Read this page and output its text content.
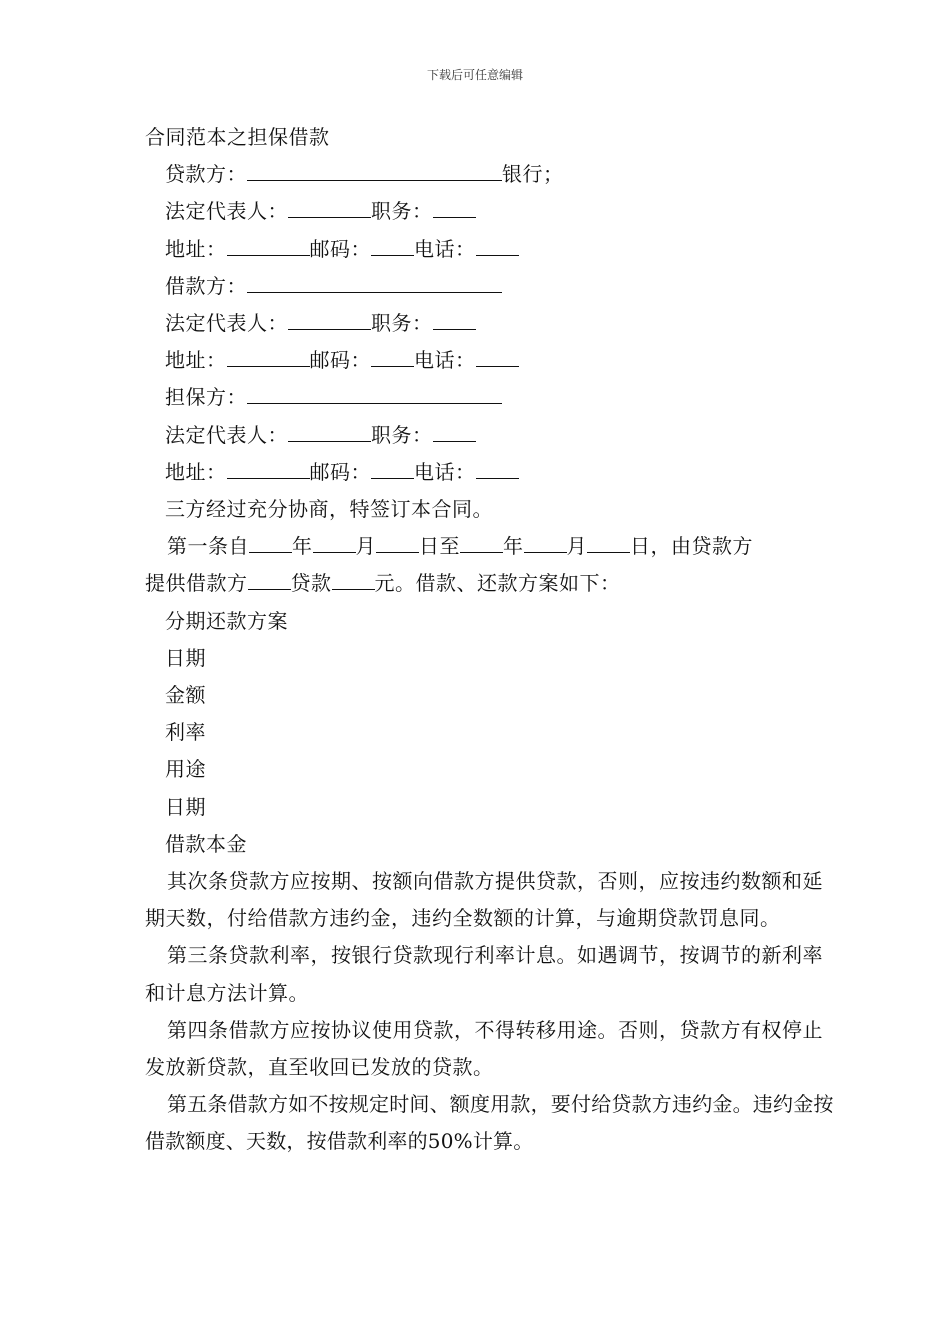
下载后可任意编辑
合同范本之担保借款
贷款方：	银行；
法定代表人：	职务：
地址：	邮码： 电话：
借款方：
法定代表人：	职务：
地址：	邮码： 电话：
担保方：
法定代表人：	职务：
地址：	邮码： 电话：
三方经过充分协商，特签订本合同。
第一条自 年 月 日至 年 月 日，由贷款方
提供借款方 贷款 元。借款、还款方案如下：
分期还款方案
日期
金额
利率
用途
日期
借款本金
其次条贷款方应按期、按额向借款方提供贷款，否则，应按违约数额和延期天数，付给借款方违约金，违约全数额的计算，与逾期贷款罚息同。
第三条贷款利率，按银行贷款现行利率计息。如遇调节，按调节的新利率和计息方法计算。
第四条借款方应按协议使用贷款，不得转移用途。否则，贷款方有权停止发放新贷款，直至收回已发放的贷款。
第五条借款方如不按规定时间、额度用款，要付给贷款方违约金。违约金按借款额度、天数，按借款利率的50%计算。
